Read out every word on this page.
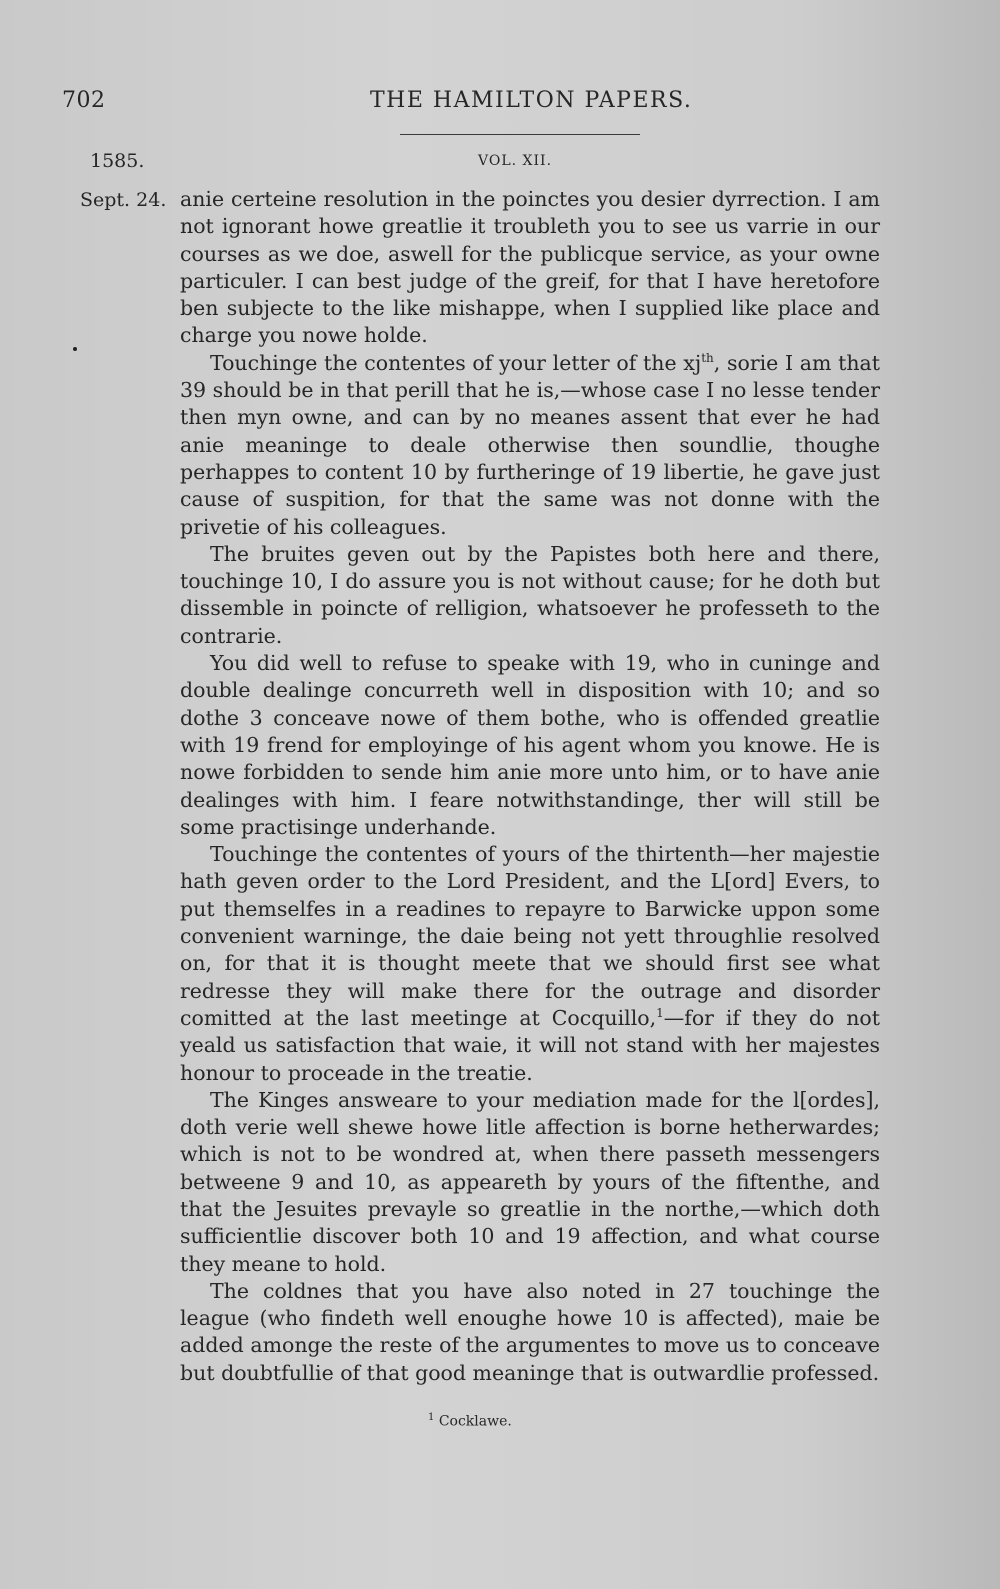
702	THE HAMILTON PAPERS.
1585.	VOL. XII.
Sept. 24. anie certeine resolution in the poinctes you desier dyrrection. I am not ignorant howe greatlie it troubleth you to see us varrie in our courses as we doe, aswell for the publicque service, as your owne particuler. I can best judge of the greif, for that I have heretofore ben subjecte to the like mishappe, when I supplied like place and charge you nowe holde.

Touchinge the contentes of your letter of the $xj^{th}$, sorie I am that 39 should be in that perill that he is,—whose case I no lesse tender then myn owne, and can by no meanes assent that ever he had anie meaninge to deale otherwise then soundlie, thoughe perhappes to content 10 by furtheringe of 19 libertie, he gave just cause of suspition, for that the same was not donne with the privetie of his colleagues.

The bruites geven out by the Papistes both here and there, touchinge 10, I do assure you is not without cause; for he doth but dissemble in poincte of relligion, whatsoever he professeth to the contrarie.

You did well to refuse to speake with 19, who in cuninge and double dealinge concurreth well in disposition with 10; and so dothe 3 conceave nowe of them bothe, who is offended greatlie with 19 frend for employinge of his agent whom you knowe. He is nowe forbidden to sende him anie more unto him, or to have anie dealinges with him. I feare notwithstandinge, ther will still be some practisinge underhande.

Touchinge the contentes of yours of the thirtenth—her majestie hath geven order to the Lord President, and the L[ord] Evers, to put themselfes in a readines to repayre to Barwicke uppon some convenient warninge, the daie being not yett throughlie resolved on, for that it is thought meete that we should first see what redresse they will make there for the outrage and disorder comitted at the last meetinge at Cocquillo,$^1$—for if they do not yeald us satisfaction that waie, it will not stand with her majestes honour to proceade in the treatie.

The Kinges answeare to your mediation made for the l[ordes], doth verie well shewe howe litle affection is borne hetherwardes; which is not to be wondred at, when there passeth messengers betweene 9 and 10, as appeareth by yours of the fiftenthe, and that the Jesuites prevayle so greatlie in the northe,—which doth sufficientlie discover both 10 and 19 affection, and what course they meane to hold.

The coldnes that you have also noted in 27 touchinge the league (who findeth well enoughe howe 10 is affected), maie be added amonge the reste of the argumentes to move us to conceave but doubtfullie of that good meaninge that is outwardlie professed.

$^1$ Cocklawe.
